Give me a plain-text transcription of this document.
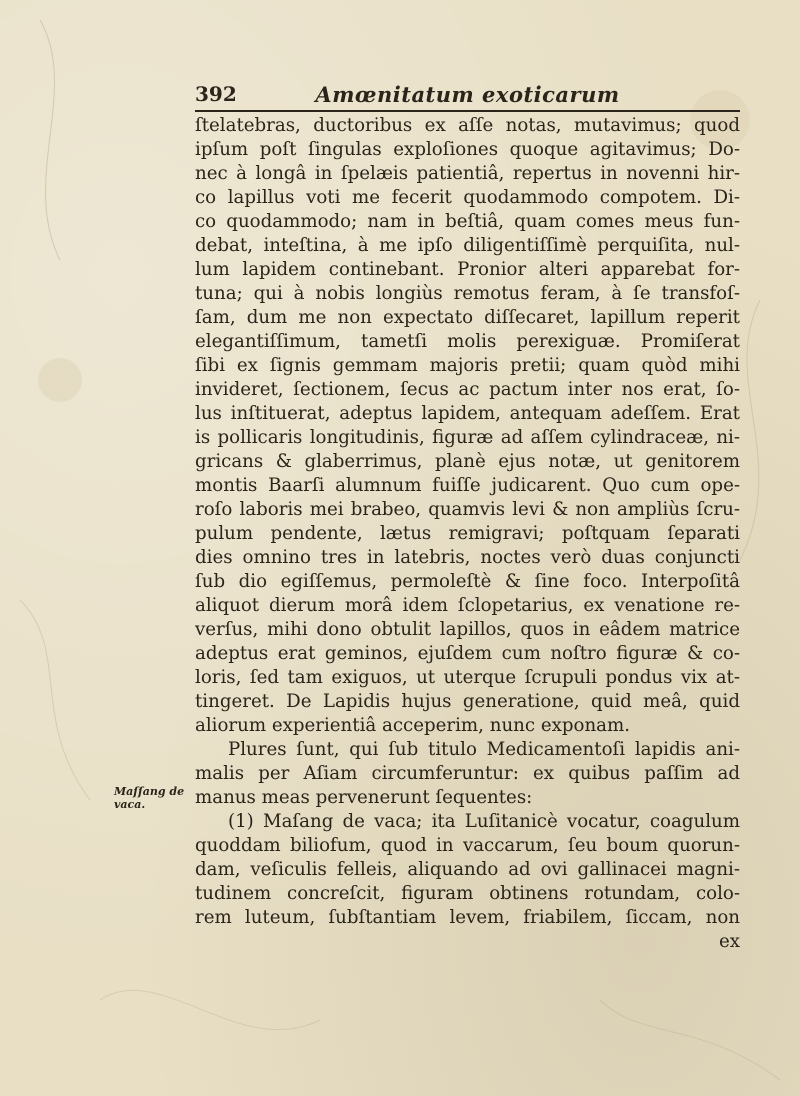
392	Amœnitatum exoticarum
Maſſang de vaca.
ſtelatebras, ductoribus ex aſſe notas, mutavimus; quod
ipſum poſt ſingulas exploſiones quoque agitavimus; Do-
nec à longâ in ſpelæis patientiâ, repertus in novenni hir-
co lapillus voti me fecerit quodammodo compotem. Di-
co quodammodo; nam in beſtiâ, quam comes meus fun-
debat, inteſtina, à me ipſo diligentiſſimè perquiſita, nul-
lum lapidem continebant. Pronior alteri apparebat for-
tuna; qui à nobis longiùs remotus feram, à ſe transfoſ-
ſam, dum me non expectato diſſecaret, lapillum reperit
elegantiſſimum, tametſi molis perexiguæ. Promiſerat
ſibi ex ſignis gemmam majoris pretii; quam quòd mihi
invideret, ſectionem, ſecus ac pactum inter nos erat, ſo-
lus inſtituerat, adeptus lapidem, antequam adeſſem. Erat
is pollicaris longitudinis, figuræ ad aſſem cylindraceæ, ni-
gricans & glaberrimus, planè ejus notæ, ut genitorem
montis Baarſi alumnum fuiſſe judicarent. Quo cum ope-
roſo laboris mei brabeo, quamvis levi & non ampliùs ſcru-
pulum pendente, lætus remigravi; poſtquam ſeparati
dies omnino tres in latebris, noctes verò duas conjuncti
ſub dio egiſſemus, permoleſtè & ſine foco. Interpoſitâ
aliquot dierum morâ idem ſclopetarius, ex venatione re-
verſus, mihi dono obtulit lapillos, quos in eâdem matrice
adeptus erat geminos, ejuſdem cum noſtro figuræ & co-
loris, ſed tam exiguos, ut uterque ſcrupuli pondus vix at-
tingeret. De Lapidis hujus generatione, quid meâ, quid
aliorum experientiâ acceperim, nunc exponam.
Plures ſunt, qui ſub titulo Medicamentoſi lapidis ani-
malis per Aſiam circumferuntur: ex quibus paſſim ad
manus meas pervenerunt ſequentes:
(1) Maſang de vaca; ita Luſitanicè vocatur, coagulum
quoddam biliofum, quod in vaccarum, ſeu boum quorun-
dam, veſiculis felleis, aliquando ad ovi gallinacei magni-
tudinem concreſcit, figuram obtinens rotundam, colo-
rem luteum, ſubſtantiam levem, friabilem, ſiccam, non
ex
